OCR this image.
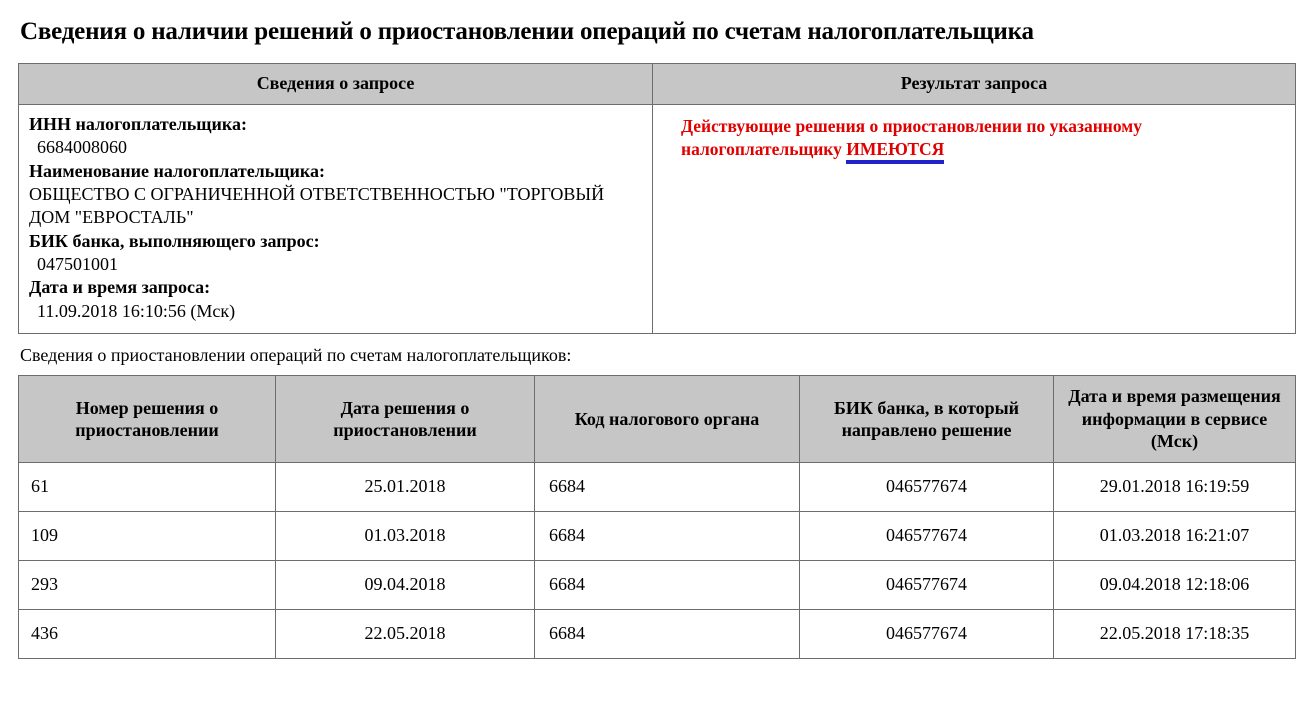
Сведения о наличии решений о приостановлении операций по счетам налогоплательщика
Сведения о запросе	Результат запроса

ИНН налогоплательщика:
6684008060
Наименование налогоплательщика:
ОБЩЕСТВО С ОГРАНИЧЕННОЙ ОТВЕТСТВЕННОСТЬЮ "ТОРГОВЫЙ ДОМ "ЕВРОСТАЛЬ"
БИК банка, выполняющего запрос:
047501001
Дата и время запроса:
11.09.2018 16:10:56 (Мск)

Действующие решения о приостановлении по указанному налогоплательщику ИМЕЮТСЯ
Сведения о приостановлении операций по счетам налогоплательщиков:
Номер решения о приостановлении	Дата решения о приостановлении	Код налогового органа	БИК банка, в который направлено решение	Дата и время размещения информации в сервисе (Мск)
61	25.01.2018	6684	046577674	29.01.2018 16:19:59
109	01.03.2018	6684	046577674	01.03.2018 16:21:07
293	09.04.2018	6684	046577674	09.04.2018 12:18:06
436	22.05.2018	6684	046577674	22.05.2018 17:18:35
